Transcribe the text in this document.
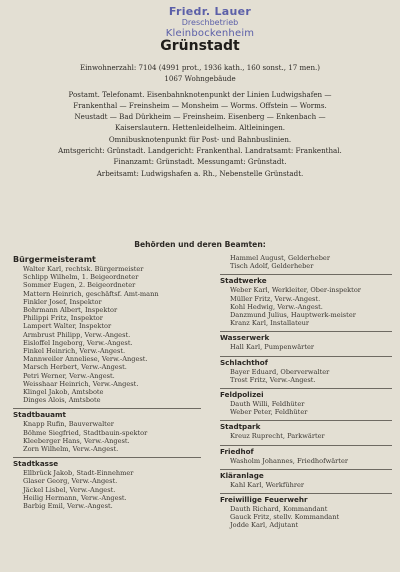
Friedr. Lauer
Dreschbetrieb
Kleinbockenheim
Grünstadt
Einwohnerzahl: 7104 (4991 prot., 1936 kath., 160 sonst., 17 men.)
1067 Wohngebäude
Postamt. Telefonamt. Eisenbahnknotenpunkt der Linien Ludwigshafen —
Frankenthal — Freinsheim — Monsheim — Worms. Offstein — Worms.
Neustadt — Bad Dürkheim — Freinsheim. Eisenberg — Enkenbach —
Kaiserslautern. Hettenleidelheim. Altleiningen.
Omnibusknotenpunkt für Post- und Bahnbuslinien.
Amtsgericht: Grünstadt. Landgericht: Frankenthal. Landratsamt: Frankenthal.
Finanzamt: Grünstadt. Messungamt: Grünstadt.
Arbeitsamt: Ludwigshafen a. Rh., Nebenstelle Grünstadt.
Behörden und deren Beamten:
Bürgermeisteramt
Walter Karl, rechtsk. Bürgermeister
Schlipp Wilhelm, 1. Beigeordneter
Sommer Eugen, 2. Beigeordneter
Mattern Heinrich, geschäftsf. Amt-mann
Finkler Josef, Inspektor
Bohrmann Albert, Inspektor
Philippi Fritz, Inspektor
Lampert Walter, Inspektor
Armbrust Philipp, Verw.-Angest.
Eisloffel Ingeborg, Verw.-Angest.
Finkel Heinrich, Verw.-Angest.
Mannweiler Anneliese, Verw.-Angest.
Marsch Herbert, Verw.-Angest.
Petri Werner, Verw.-Angest.
Weisshaar Heinrich, Verw.-Angest.
Klingel Jakob, Amtsbote
Dinges Alois, Amtsbote
Stadtbauamt
Knapp Rufin, Bauverwalter
Böhme Siegfried, Stadtbauin-spektor
Kleeberger Hans, Verw.-Angest.
Zorn Wilhelm, Verw.-Angest.
Stadtkasse
Ellbrück Jakob, Stadt-Einnehmer
Glaser Georg, Verw.-Angest.
Jäckel Lisbel, Verw.-Angest.
Heilig Hermann, Verw.-Angest.
Barbig Emil, Verw.-Angest.
Hammel August, Gelderheber
Tisch Adolf, Gelderheber
Stadtwerke
Weber Karl, Werkleiter, Ober-inspektor
Müller Fritz, Verw.-Angest.
Kohl Hedwig, Verw.-Angest.
Danzmund Julius, Hauptwerk-meister
Kranz Karl, Installateur
Wasserwerk
Hall Karl, Pumpenwärter
Schlachthof
Bayer Eduard, Oberverwalter
Trost Fritz, Verw.-Angest.
Feldpolizei
Dauth Willi, Feldhüter
Weber Peter, Feldhüter
Stadtpark
Kreuz Ruprecht, Parkwärter
Friedhof
Washolm Johannes, Friedhofwärter
Kläranlage
Kahl Karl, Werkführer
Freiwillige Feuerwehr
Dauth Richard, Kommandant
Gauck Fritz, stellv. Kommandant
Jodde Karl, Adjutant
